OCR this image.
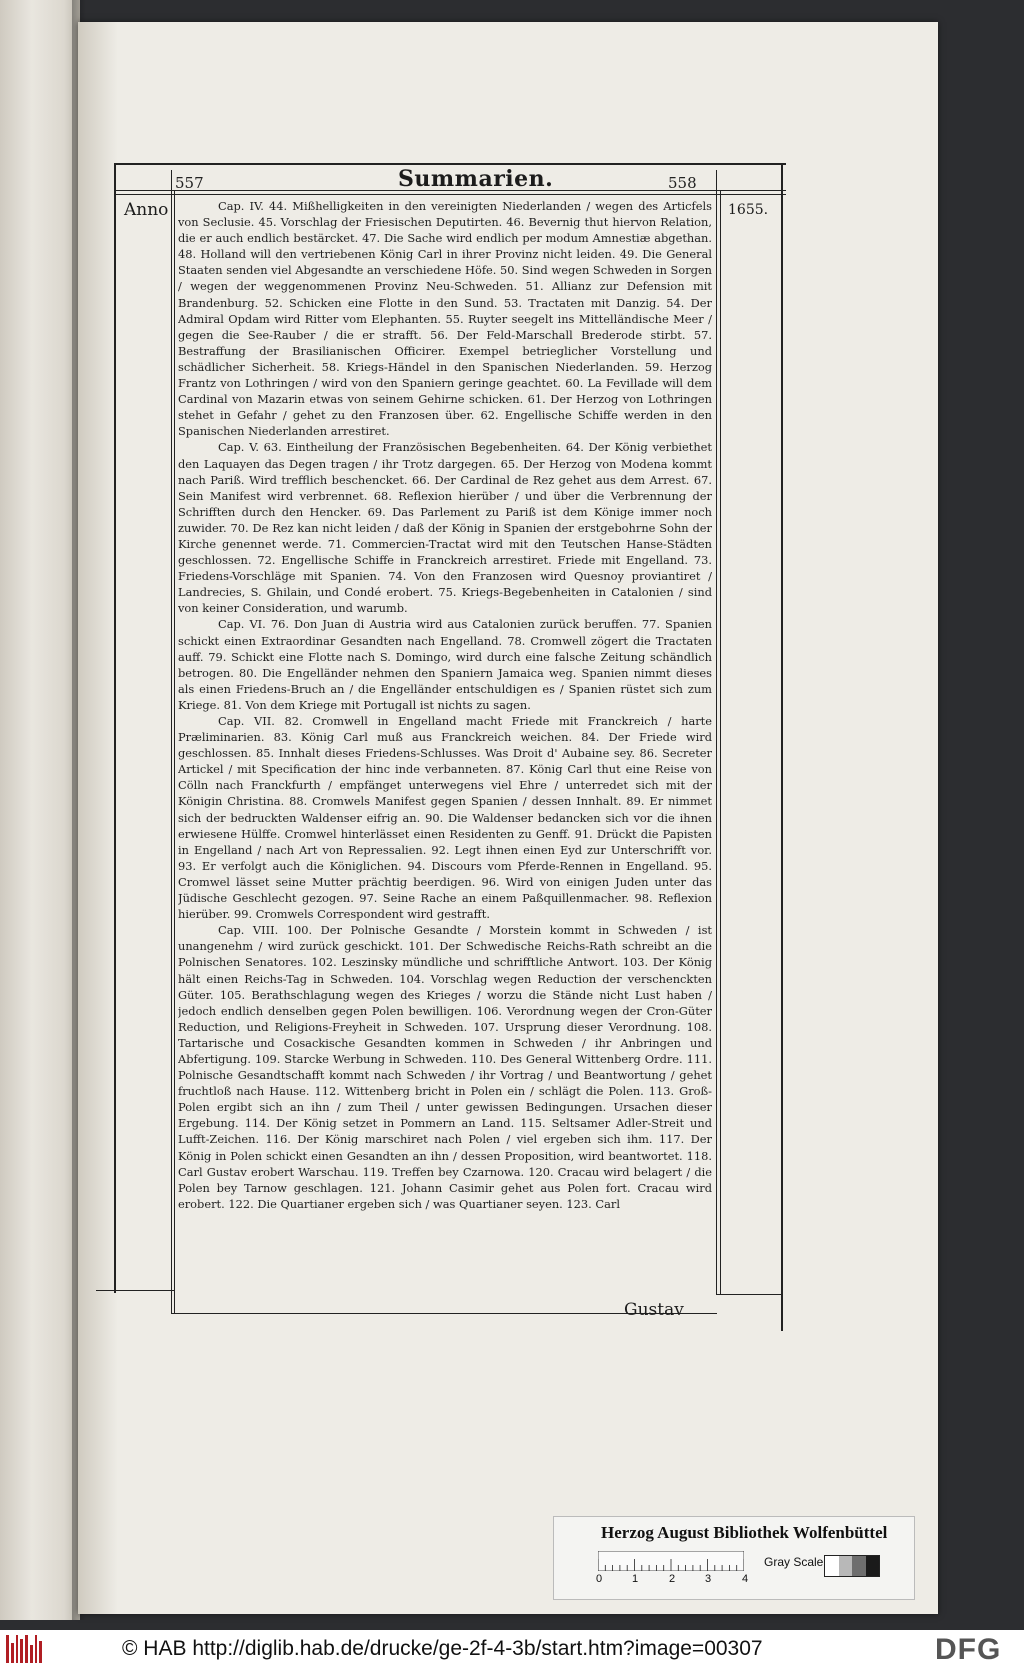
557	558
Summarien.
Anno	1655.

Cap. IV. 44. Mißhelligkeiten in den vereinigten Niederlanden / wegen des Articfels von Seclusie. 45. Vorschlag der Friesischen Deputirten. 46. Bevernig thut hiervon Relation, die er auch endlich bestärcket. 47. Die Sache wird endlich per modum Amnestiæ abgethan. 48. Holland will den vertriebenen König Carl in ihrer Provinz nicht leiden. 49. Die General Staaten senden viel Abgesandte an verschiedene Höfe. 50. Sind wegen Schweden in Sorgen / wegen der weggenommenen Provinz Neu-Schweden. 51. Allianz zur Defension mit Brandenburg. 52. Schicken eine Flotte in den Sund. 53. Tractaten mit Danzig. 54. Der Admiral Opdam wird Ritter vom Elephanten. 55. Ruyter seegelt ins Mittelländische Meer / gegen die See-Rauber / die er strafft. 56. Der Feld-Marschall Brederode stirbt. 57. Bestraffung der Brasilianischen Officirer. Exempel betrieglicher Vorstellung und schädlicher Sicherheit. 58. Kriegs-Händel in den Spanischen Niederlanden. 59. Herzog Frantz von Lothringen / wird von den Spaniern geringe geachtet. 60. La Fevillade will dem Cardinal von Mazarin etwas von seinem Gehirne schicken. 61. Der Herzog von Lothringen stehet in Gefahr / gehet zu den Franzosen über. 62. Engellische Schiffe werden in den Spanischen Niederlanden arrestiret.

Cap. V. 63. Eintheilung der Französischen Begebenheiten. 64. Der König verbiethet den Laquayen das Degen tragen / ihr Trotz dargegen. 65. Der Herzog von Modena kommt nach Pariß. Wird trefflich beschencket. 66. Der Cardinal de Rez gehet aus dem Arrest. 67. Sein Manifest wird verbrennet. 68. Reflexion hierüber / und über die Verbrennung der Schrifften durch den Hencker. 69. Das Parlement zu Pariß ist dem Könige immer noch zuwider. 70. De Rez kan nicht leiden / daß der König in Spanien der erstgebohrne Sohn der Kirche genennet werde. 71. Commercien-Tractat wird mit den Teutschen Hanse-Städten geschlossen. 72. Engellische Schiffe in Franckreich arrestiret. Friede mit Engelland. 73. Friedens-Vorschläge mit Spanien. 74. Von den Franzosen wird Quesnoy proviantiret / Landrecies, S. Ghilain, und Condé erobert. 75. Kriegs-Begebenheiten in Catalonien / sind von keiner Consideration, und warumb.

Cap. VI. 76. Don Juan di Austria wird aus Catalonien zurück beruffen. 77. Spanien schickt einen Extraordinar Gesandten nach Engelland. 78. Cromwell zögert die Tractaten auff. 79. Schickt eine Flotte nach S. Domingo, wird durch eine falsche Zeitung schändlich betrogen. 80. Die Engelländer nehmen den Spaniern Jamaica weg. Spanien nimmt dieses als einen Friedens-Bruch an / die Engelländer entschuldigen es / Spanien rüstet sich zum Kriege. 81. Von dem Kriege mit Portugall ist nichts zu sagen.

Cap. VII. 82. Cromwell in Engelland macht Friede mit Franckreich / harte Præliminarien. 83. König Carl muß aus Franckreich weichen. 84. Der Friede wird geschlossen. 85. Innhalt dieses Friedens-Schlusses. Was Droit d' Aubaine sey. 86. Secreter Artickel / mit Specification der hinc inde verbanneten. 87. König Carl thut eine Reise von Cölln nach Franckfurth / empfänget unterwegens viel Ehre / unterredet sich mit der Königin Christina. 88. Cromwels Manifest gegen Spanien / dessen Innhalt. 89. Er nimmet sich der bedruckten Waldenser eifrig an. 90. Die Waldenser bedancken sich vor die ihnen erwiesene Hülffe. Cromwel hinterlässet einen Residenten zu Genff. 91. Drückt die Papisten in Engelland / nach Art von Repressalien. 92. Legt ihnen einen Eyd zur Unterschrifft vor. 93. Er verfolgt auch die Königlichen. 94. Discours vom Pferde-Rennen in Engelland. 95. Cromwel lässet seine Mutter prächtig beerdigen. 96. Wird von einigen Juden unter das Jüdische Geschlecht gezogen. 97. Seine Rache an einem Paßquillenmacher. 98. Reflexion hierüber. 99. Cromwels Correspondent wird gestrafft.

Cap. VIII. 100. Der Polnische Gesandte / Morstein kommt in Schweden / ist unangenehm / wird zurück geschickt. 101. Der Schwedische Reichs-Rath schreibt an die Polnischen Senatores. 102. Leszinsky mündliche und schrifftliche Antwort. 103. Der König hält einen Reichs-Tag in Schweden. 104. Vorschlag wegen Reduction der verschenckten Güter. 105. Berathschlagung wegen des Krieges / worzu die Stände nicht Lust haben / jedoch endlich denselben gegen Polen bewilligen. 106. Verordnung wegen der Cron-Güter Reduction, und Religions-Freyheit in Schweden. 107. Ursprung dieser Verordnung. 108. Tartarische und Cosackische Gesandten kommen in Schweden / ihr Anbringen und Abfertigung. 109. Starcke Werbung in Schweden. 110. Des General Wittenberg Ordre. 111. Polnische Gesandtschafft kommt nach Schweden / ihr Vortrag / und Beantwortung / gehet fruchtloß nach Hause. 112. Wittenberg bricht in Polen ein / schlägt die Polen. 113. Groß-Polen ergibt sich an ihn / zum Theil / unter gewissen Bedingungen. Ursachen dieser Ergebung. 114. Der König setzet in Pommern an Land. 115. Seltsamer Adler-Streit und Lufft-Zeichen. 116. Der König marschiret nach Polen / viel ergeben sich ihm. 117. Der König in Polen schickt einen Gesandten an ihn / dessen Proposition, wird beantwortet. 118. Carl Gustav erobert Warschau. 119. Treffen bey Czarnowa. 120. Cracau wird belagert / die Polen bey Tarnow geschlagen. 121. Johann Casimir gehet aus Polen fort. Cracau wird erobert. 122. Die Quartianer ergeben sich / was Quartianer seyen. 123. Carl

Gustav
Herzog August Bibliothek Wolfenbüttel
0	1	2	3	4
Gray Scale
© HAB http://diglib.hab.de/drucke/ge-2f-4-3b/start.htm?image=00307	DFG
